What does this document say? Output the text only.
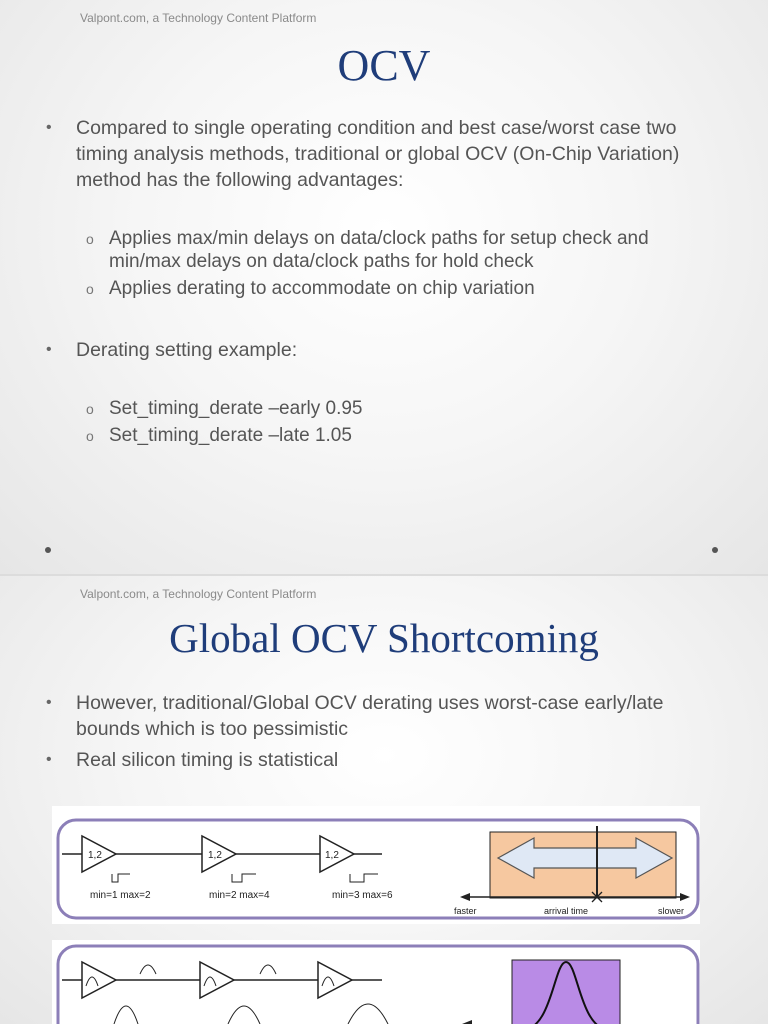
Valpont.com, a Technology Content Platform
OCV
•	Compared to single operating condition and best case/worst case two timing analysis methods, traditional or global OCV (On-Chip Variation) method has the following advantages:
o Applies max/min delays on data/clock paths for setup check and min/max delays on data/clock paths for hold check
o Applies derating to accommodate on chip variation
•	Derating setting example:
o Set_timing_derate –early 0.95
o Set_timing_derate –late 1.05
Valpont.com, a Technology Content Platform
Global OCV Shortcoming
•	However, traditional/Global OCV derating uses worst-case early/late bounds which is too pessimistic
•	Real silicon timing is statistical
1,2
min=1 max=2
1,2
min=2 max=4
1,2
min=3 max=6
faster	arrival time	slower
